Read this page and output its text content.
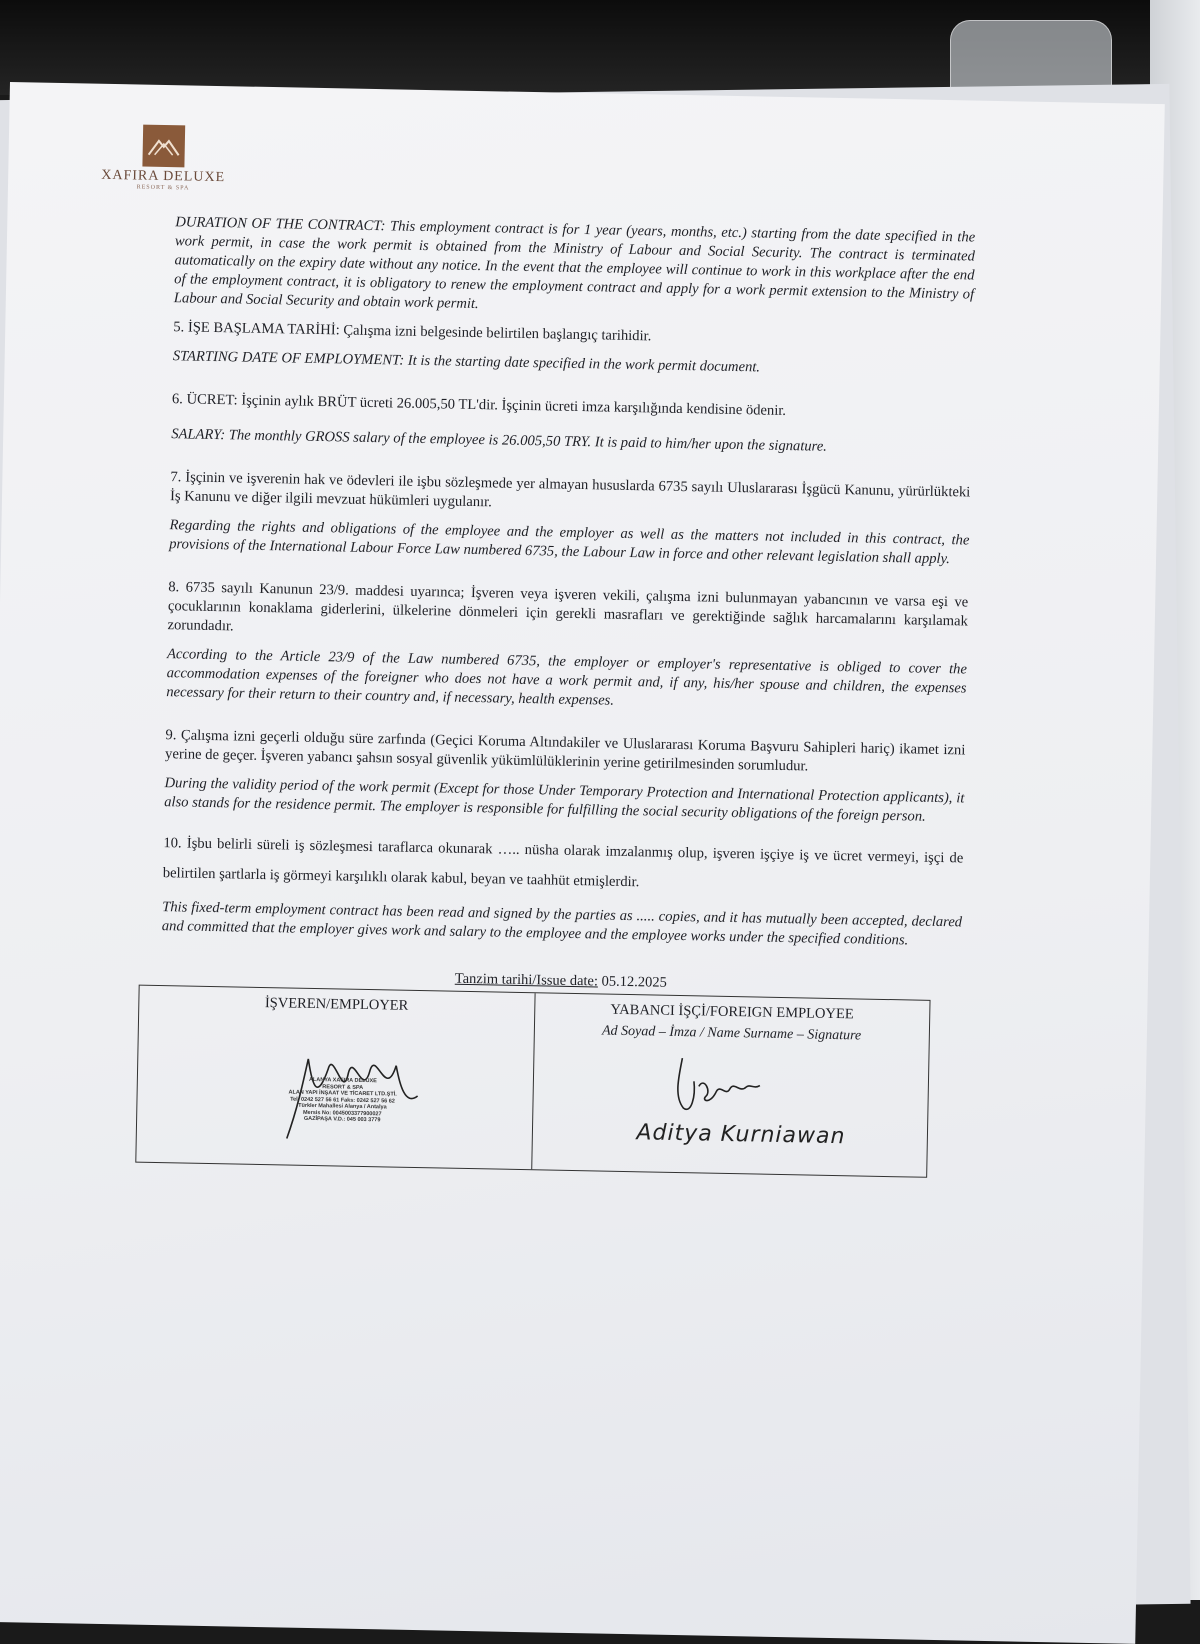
XAFIRA DELUXE
RESORT & SPA

DURATION OF THE CONTRACT: This employment contract is for 1 year (years, months, etc.) starting from the date specified in the work permit, in case the work permit is obtained from the Ministry of Labour and Social Security. The contract is terminated automatically on the expiry date without any notice. In the event that the employee will continue to work in this workplace after the end of the employment contract, it is obligatory to renew the employment contract and apply for a work permit extension to the Ministry of Labour and Social Security and obtain work permit.

5. İŞE BAŞLAMA TARİHİ: Çalışma izni belgesinde belirtilen başlangıç tarihidir.

STARTING DATE OF EMPLOYMENT: It is the starting date specified in the work permit document.

6. ÜCRET: İşçinin aylık BRÜT ücreti 26.005,50 TL'dir. İşçinin ücreti imza karşılığında kendisine ödenir.

SALARY: The monthly GROSS salary of the employee is 26.005,50 TRY. It is paid to him/her upon the signature.

7. İşçinin ve işverenin hak ve ödevleri ile işbu sözleşmede yer almayan hususlarda 6735 sayılı Uluslararası İşgücü Kanunu, yürürlükteki İş Kanunu ve diğer ilgili mevzuat hükümleri uygulanır.

Regarding the rights and obligations of the employee and the employer as well as the matters not included in this contract, the provisions of the International Labour Force Law numbered 6735, the Labour Law in force and other relevant legislation shall apply.

8. 6735 sayılı Kanunun 23/9. maddesi uyarınca; İşveren veya işveren vekili, çalışma izni bulunmayan yabancının ve varsa eşi ve çocuklarının konaklama giderlerini, ülkelerine dönmeleri için gerekli masrafları ve gerektiğinde sağlık harcamalarını karşılamak zorundadır.

According to the Article 23/9 of the Law numbered 6735, the employer or employer's representative is obliged to cover the accommodation expenses of the foreigner who does not have a work permit and, if any, his/her spouse and children, the expenses necessary for their return to their country and, if necessary, health expenses.

9. Çalışma izni geçerli olduğu süre zarfında (Geçici Koruma Altındakiler ve Uluslararası Koruma Başvuru Sahipleri hariç) ikamet izni yerine de geçer. İşveren yabancı şahsın sosyal güvenlik yükümlülüklerinin yerine getirilmesinden sorumludur.

During the validity period of the work permit (Except for those Under Temporary Protection and International Protection applicants), it also stands for the residence permit. The employer is responsible for fulfilling the social security obligations of the foreign person.

10. İşbu belirli süreli iş sözleşmesi taraflarca okunarak ….. nüsha olarak imzalanmış olup, işveren işçiye iş ve ücret vermeyi, işçi de belirtilen şartlarla iş görmeyi karşılıklı olarak kabul, beyan ve taahhüt etmişlerdir.

This fixed-term employment contract has been read and signed by the parties as ..... copies, and it has mutually been accepted, declared and committed that the employer gives work and salary to the employee and the employee works under the specified conditions.

Tanzim tarihi/Issue date: 05.12.2025

İŞVEREN/EMPLOYER
ALANYA XAFIRA DELUXE
RESORT & SPA
ALAN YAPI İNŞAAT VE TİCARET LTD.ŞTİ.
Tel: 0242 527 56 61 Faks: 0242 527 56 62
Türkler Mahallesi Alanya / Antalya
Mersis No: 0045003377900027
GAZİPAŞA V.D.: 045 003 3779
YABANCI İŞÇİ/FOREIGN EMPLOYEE
Ad Soyad – İmza / Name Surname – Signature
Aditya Kurniawan
